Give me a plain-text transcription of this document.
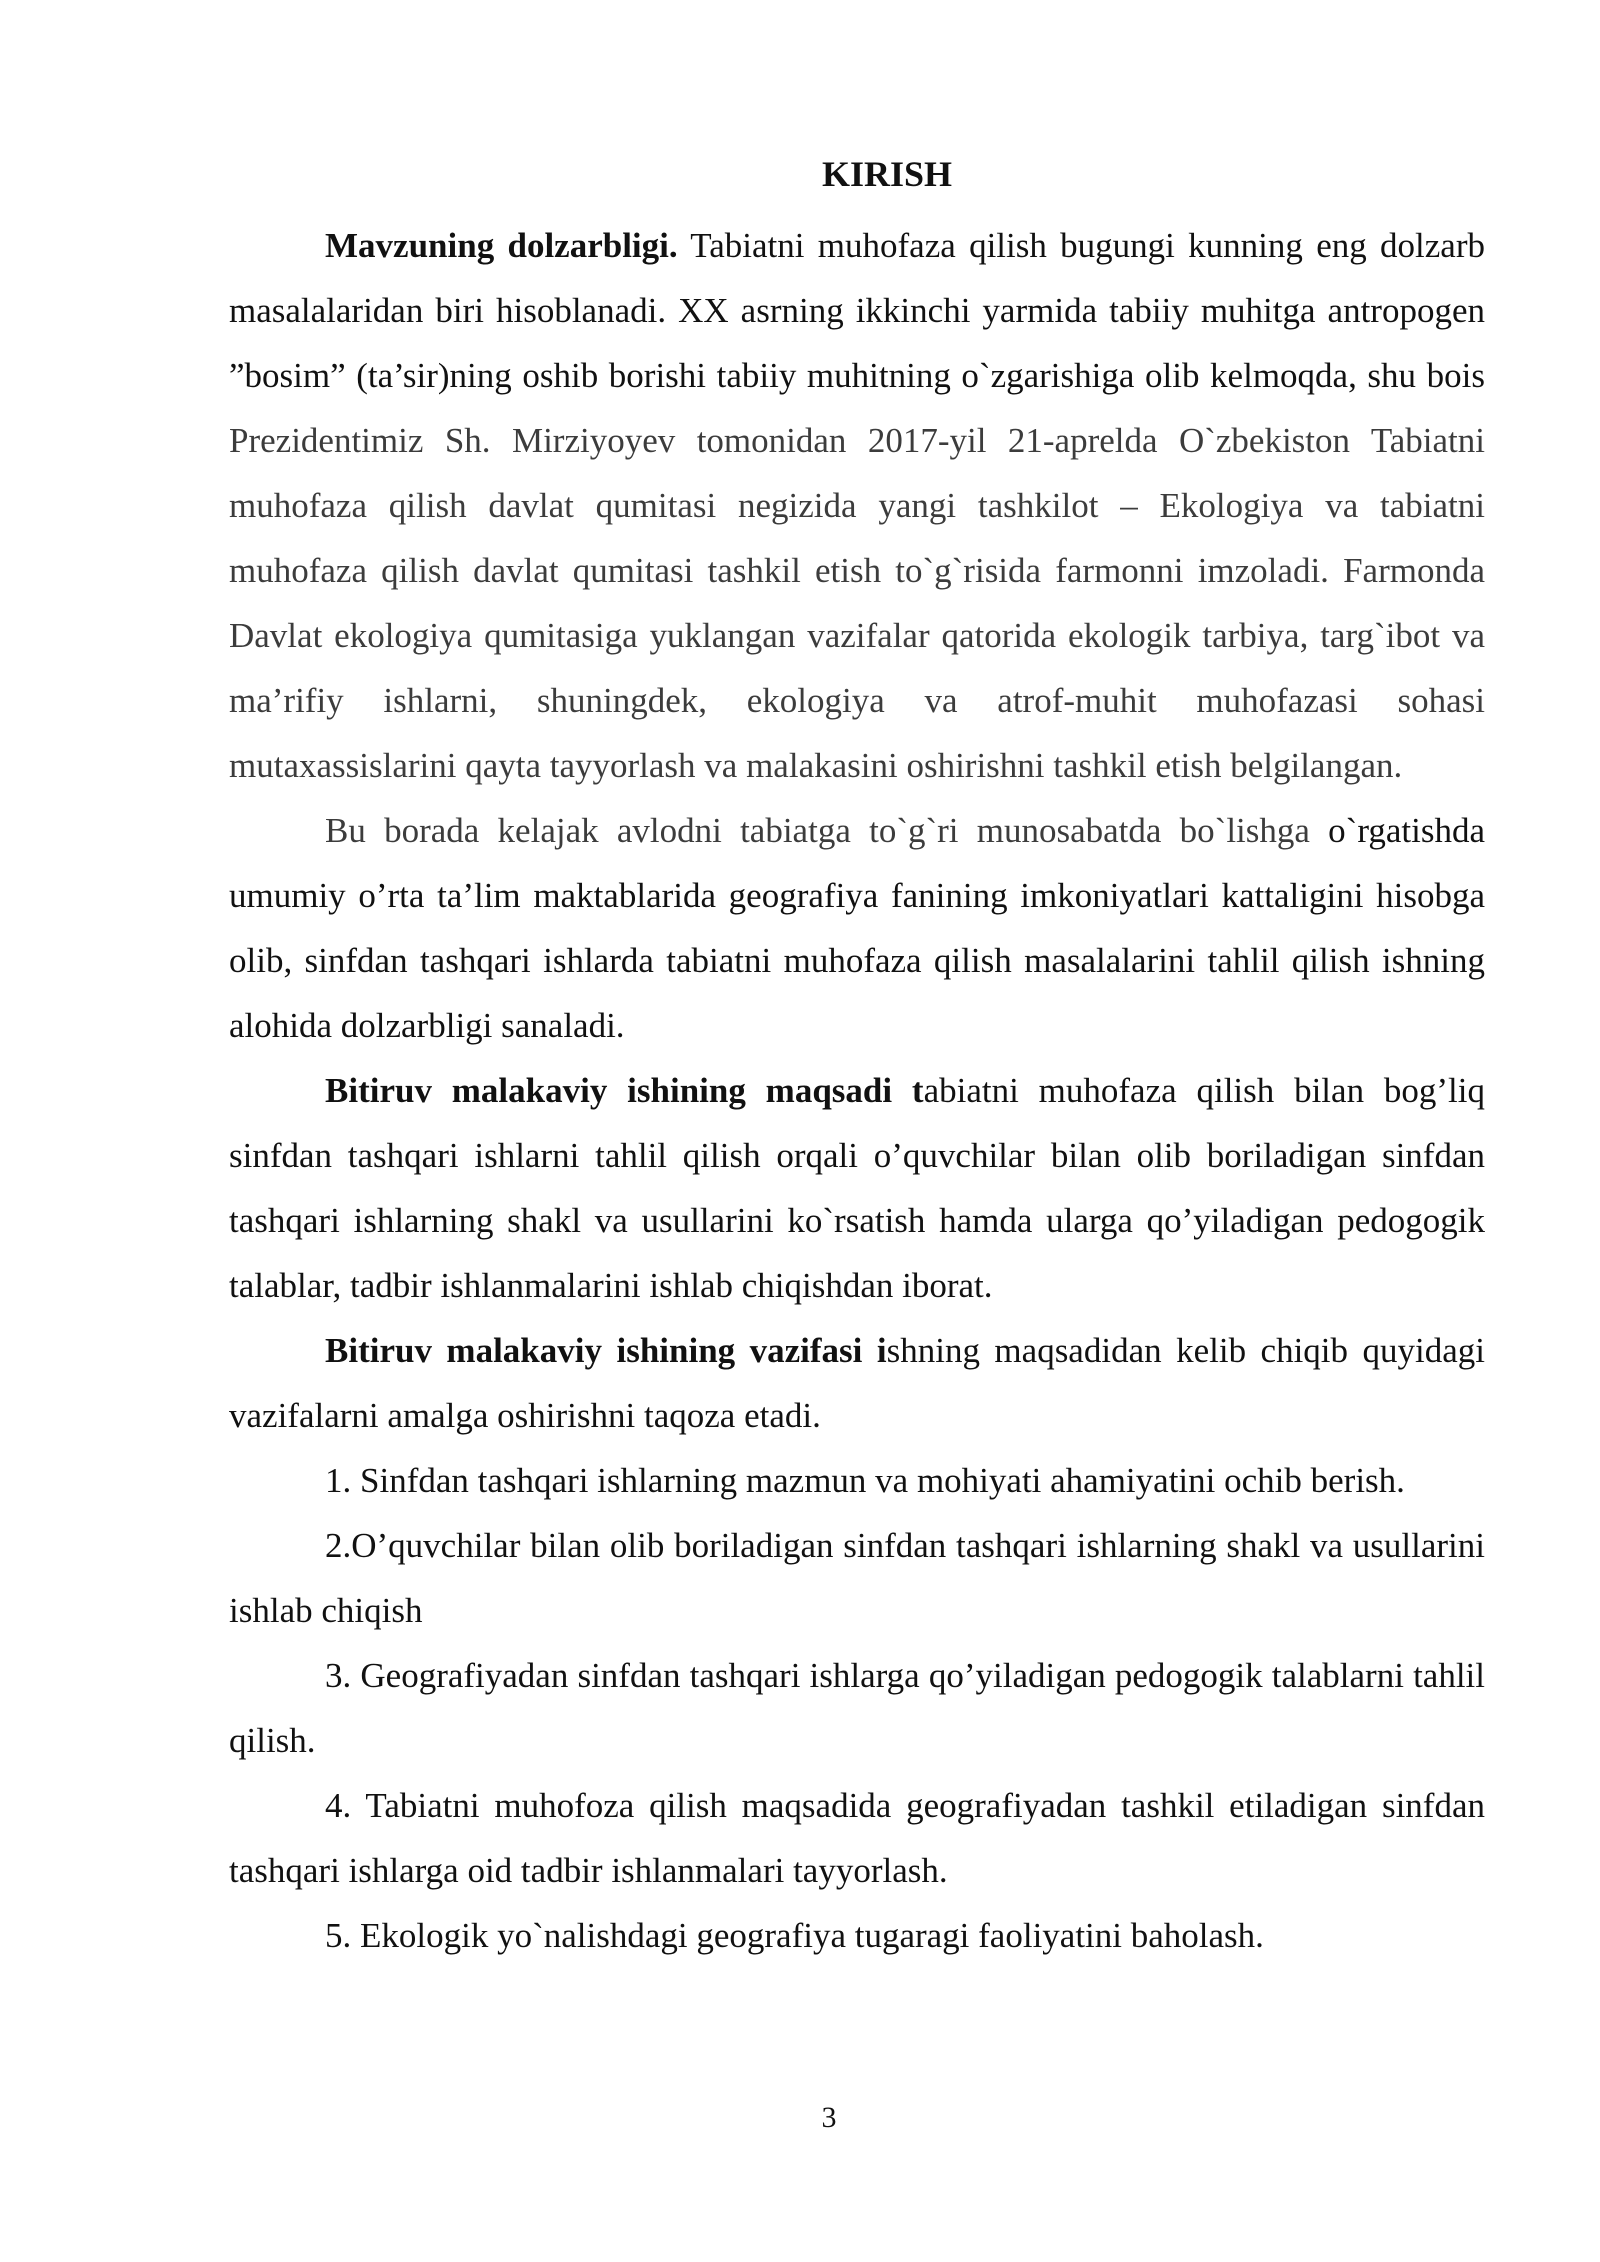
KIRISH

Mavzuning dolzarbligi. Tabiatni muhofaza qilish bugungi kunning eng dolzarb masalalaridan biri hisoblanadi. XX asrning ikkinchi yarmida tabiiy muhitga antropogen ”bosim” (ta’sir)ning oshib borishi tabiiy muhitning o`zgarishiga olib kelmoqda, shu bois Prezidentimiz Sh. Mirziyoyev tomonidan 2017-yil 21-aprelda O`zbekiston Tabiatni muhofaza qilish davlat qumitasi negizida yangi tashkilot – Ekologiya va tabiatni muhofaza qilish davlat qumitasi tashkil etish to`g`risida farmonni imzoladi. Farmonda Davlat ekologiya qumitasiga yuklangan vazifalar qatorida ekologik tarbiya, targ`ibot va ma’rifiy ishlarni, shuningdek, ekologiya va atrof-muhit muhofazasi sohasi mutaxassislarini qayta tayyorlash va malakasini oshirishni tashkil etish belgilangan.

Bu borada kelajak avlodni tabiatga to`g`ri munosabatda bo`lishga o`rgatishda umumiy o’rta ta’lim maktablarida geografiya fanining imkoniyatlari kattaligini hisobga olib, sinfdan tashqari ishlarda tabiatni muhofaza qilish masalalarini tahlil qilish ishning alohida dolzarbligi sanaladi.

Bitiruv malakaviy ishining maqsadi tabiatni muhofaza qilish bilan bog’liq sinfdan tashqari ishlarni tahlil qilish orqali o’quvchilar bilan olib boriladigan sinfdan tashqari ishlarning shakl va usullarini ko`rsatish hamda ularga qo’yiladigan pedogogik talablar, tadbir ishlanmalarini ishlab chiqishdan iborat.

Bitiruv malakaviy ishining vazifasi ishning maqsadidan kelib chiqib quyidagi vazifalarni amalga oshirishni taqoza etadi.

1. Sinfdan tashqari ishlarning mazmun va mohiyati ahamiyatini ochib berish.

2.O’quvchilar bilan olib boriladigan sinfdan tashqari ishlarning shakl va usullarini ishlab chiqish

3. Geografiyadan sinfdan tashqari ishlarga qo’yiladigan pedogogik talablarni tahlil qilish.

4. Tabiatni muhofoza qilish maqsadida geografiyadan tashkil etiladigan sinfdan tashqari ishlarga oid tadbir ishlanmalari tayyorlash.

5. Ekologik yo`nalishdagi geografiya tugaragi faoliyatini baholash.

3
